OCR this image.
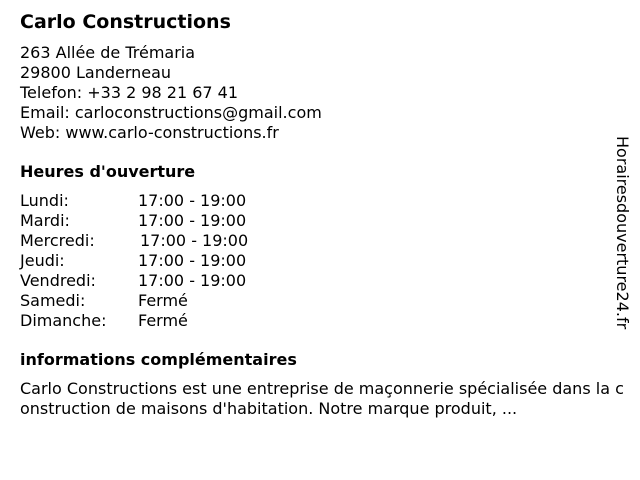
Carlo Constructions
263 Allée de Trémaria
29800 Landerneau
Telefon: +33 2 98 21 67 41
Email: carloconstructions@gmail.com
Web: www.carlo-constructions.fr
Heures d'ouverture
Lundi:	17:00 - 19:00
Mardi:	17:00 - 19:00
Mercredi:	17:00 - 19:00
Jeudi:	17:00 - 19:00
Vendredi:	17:00 - 19:00
Samedi:	Fermé
Dimanche:	Fermé
informations complémentaires
Carlo Constructions est une entreprise de maçonnerie spécialisée dans la construction de maisons d'habitation. Notre marque produit, ...
Horairesdouverture24.fr
